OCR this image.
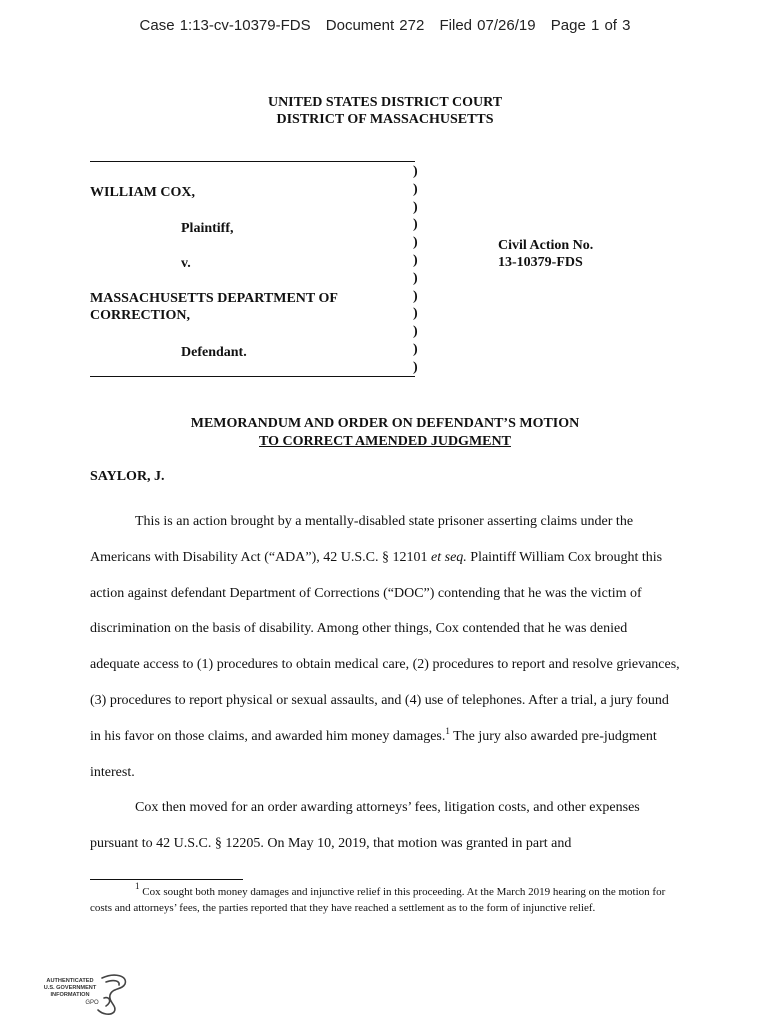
Case 1:13-cv-10379-FDS Document 272 Filed 07/26/19 Page 1 of 3
UNITED STATES DISTRICT COURT
DISTRICT OF MASSACHUSETTS
)
)
)
)
)
)
)
)
)
)
)
)
WILLIAM COX,
Plaintiff,
v.
MASSACHUSETTS DEPARTMENT OF
CORRECTION,
Defendant.
Civil Action No.
13-10379-FDS
MEMORANDUM AND ORDER ON DEFENDANT’S MOTION
TO CORRECT AMENDED JUDGMENT
SAYLOR, J.

This is an action brought by a mentally-disabled state prisoner asserting claims under the Americans with Disability Act (“ADA”), 42 U.S.C. § 12101 et seq. Plaintiff William Cox brought this action against defendant Department of Corrections (“DOC”) contending that he was the victim of discrimination on the basis of disability. Among other things, Cox contended that he was denied adequate access to (1) procedures to obtain medical care, (2) procedures to report and resolve grievances, (3) procedures to report physical or sexual assaults, and (4) use of telephones. After a trial, a jury found in his favor on those claims, and awarded him money damages.$^1$ The jury also awarded pre-judgment interest.

Cox then moved for an order awarding attorneys’ fees, litigation costs, and other expenses pursuant to 42 U.S.C. § 12205. On May 10, 2019, that motion was granted in part and

$^1$ Cox sought both money damages and injunctive relief in this proceeding. At the March 2019 hearing on the motion for costs and attorneys’ fees, the parties reported that they have reached a settlement as to the form of injunctive relief.
AUTHENTICATED
U.S. GOVERNMENT
INFORMATION
GPO
